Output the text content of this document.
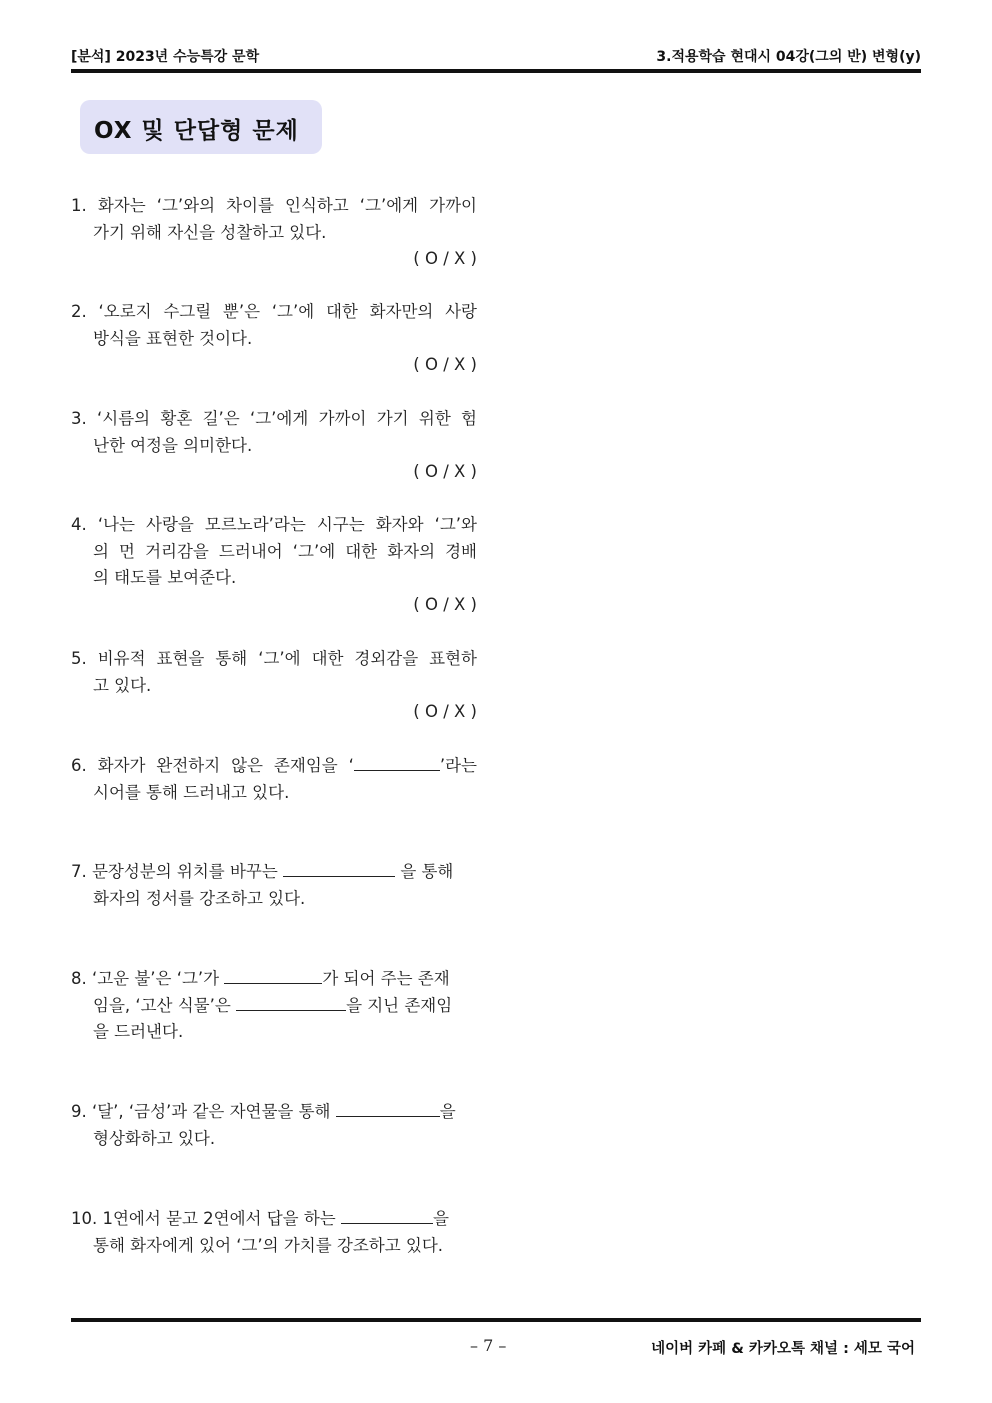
[분석] 2023년 수능특강 문학	3.적용학습 현대시 04강(그의 반) 변형(y)
OX 및 단답형 문제
1. 화자는 ‘그’와의 차이를 인식하고 ‘그’에게 가까이
가기 위해 자신을 성찰하고 있다.
( O / X )
2. ‘오로지 수그릴 뿐’은 ‘그’에 대한 화자만의 사랑
방식을 표현한 것이다.
( O / X )
3. ‘시름의 황혼 길’은 ‘그’에게 가까이 가기 위한 험
난한 여정을 의미한다.
( O / X )
4. ‘나는 사랑을 모르노라’라는 시구는 화자와 ‘그’와
의 먼 거리감을 드러내어 ‘그’에 대한 화자의 경배
의 태도를 보여준다.
( O / X )
5. 비유적 표현을 통해 ‘그’에 대한 경외감을 표현하
고 있다.
( O / X )
6. 화자가 완전하지 않은 존재임을 ‘	’라는
시어를 통해 드러내고 있다.
7. 문장성분의 위치를 바꾸는	을 통해
화자의 정서를 강조하고 있다.
8. ‘고운 불’은 ‘그’가	가 되어 주는 존재
임을, ‘고산 식물’은	을 지닌 존재임
을 드러낸다.
9. ‘달’, ‘금성’과 같은 자연물을 통해	을
형상화하고 있다.
10. 1연에서 묻고 2연에서 답을 하는	을
통해 화자에게 있어 ‘그’의 가치를 강조하고 있다.
– 7 –	네이버 카페 & 카카오톡 채널 : 세모 국어
